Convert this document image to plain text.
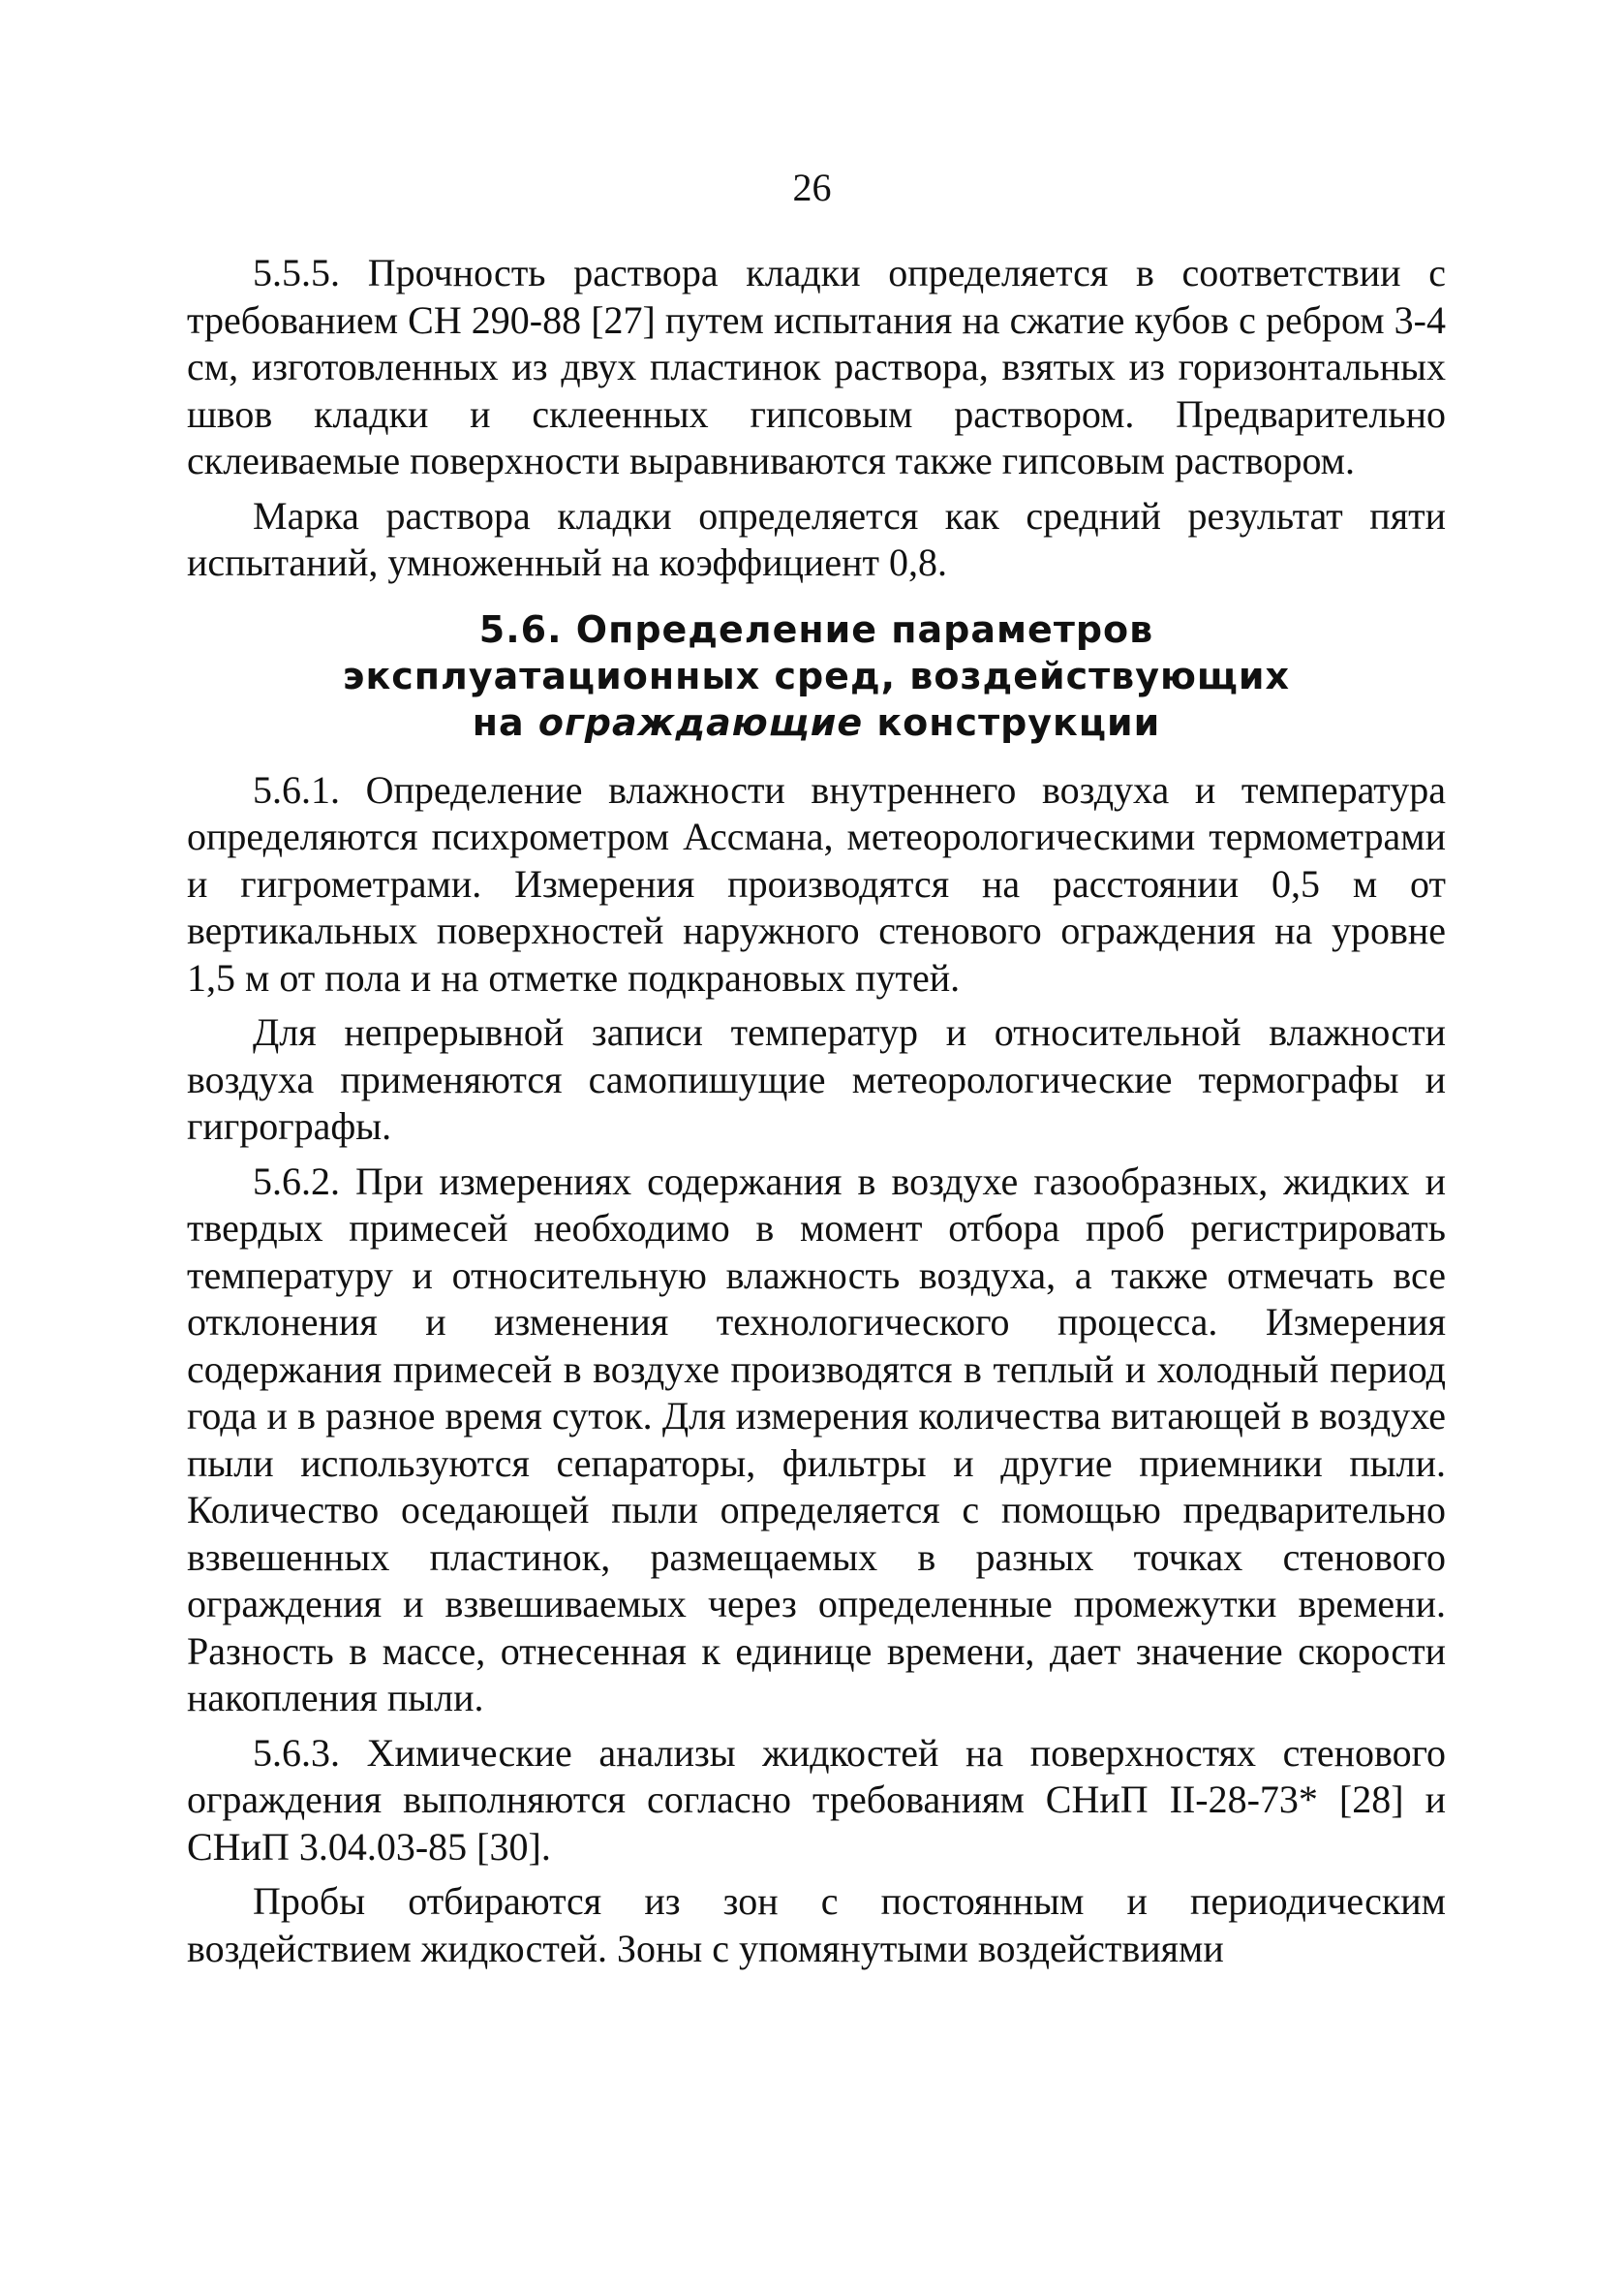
26

5.5.5. Прочность раствора кладки определяется в соответствии с требованием СН 290-88 [27] путем испытания на сжатие кубов с ребром 3-4 см, изготовленных из двух пластинок раствора, взятых из горизонтальных швов кладки и склеенных гипсовым раствором. Предварительно склеиваемые поверхности выравниваются также гипсовым раствором.

Марка раствора кладки определяется как средний результат пяти испытаний, умноженный на коэффициент 0,8.

5.6. Определение параметров
эксплуатационных сред, воздействующих
на ограждающие конструкции

5.6.1. Определение влажности внутреннего воздуха и температура определяются психрометром Ассмана, метеорологическими термометрами и гигрометрами. Измерения производятся на расстоянии 0,5 м от вертикальных поверхностей наружного стенового ограждения на уровне 1,5 м от пола и на отметке подкрановых путей.

Для непрерывной записи температур и относительной влажности воздуха применяются самопишущие метеорологические термографы и гигрографы.

5.6.2. При измерениях содержания в воздухе газообразных, жидких и твердых примесей необходимо в момент отбора проб регистрировать температуру и относительную влажность воздуха, а также отмечать все отклонения и изменения технологического процесса. Измерения содержания примесей в воздухе производятся в теплый и холодный период года и в разное время суток. Для измерения количества витающей в воздухе пыли используются сепараторы, фильтры и другие приемники пыли. Количество оседающей пыли определяется с помощью предварительно взвешенных пластинок, размещаемых в разных точках стенового ограждения и взвешиваемых через определенные промежутки времени. Разность в массе, отнесенная к единице времени, дает значение скорости накопления пыли.

5.6.3. Химические анализы жидкостей на поверхностях стенового ограждения выполняются согласно требованиям СНиП II-28-73* [28] и СНиП 3.04.03-85 [30].

Пробы отбираются из зон с постоянным и периодическим воздействием жидкостей. Зоны с упомянутыми воздействиями
